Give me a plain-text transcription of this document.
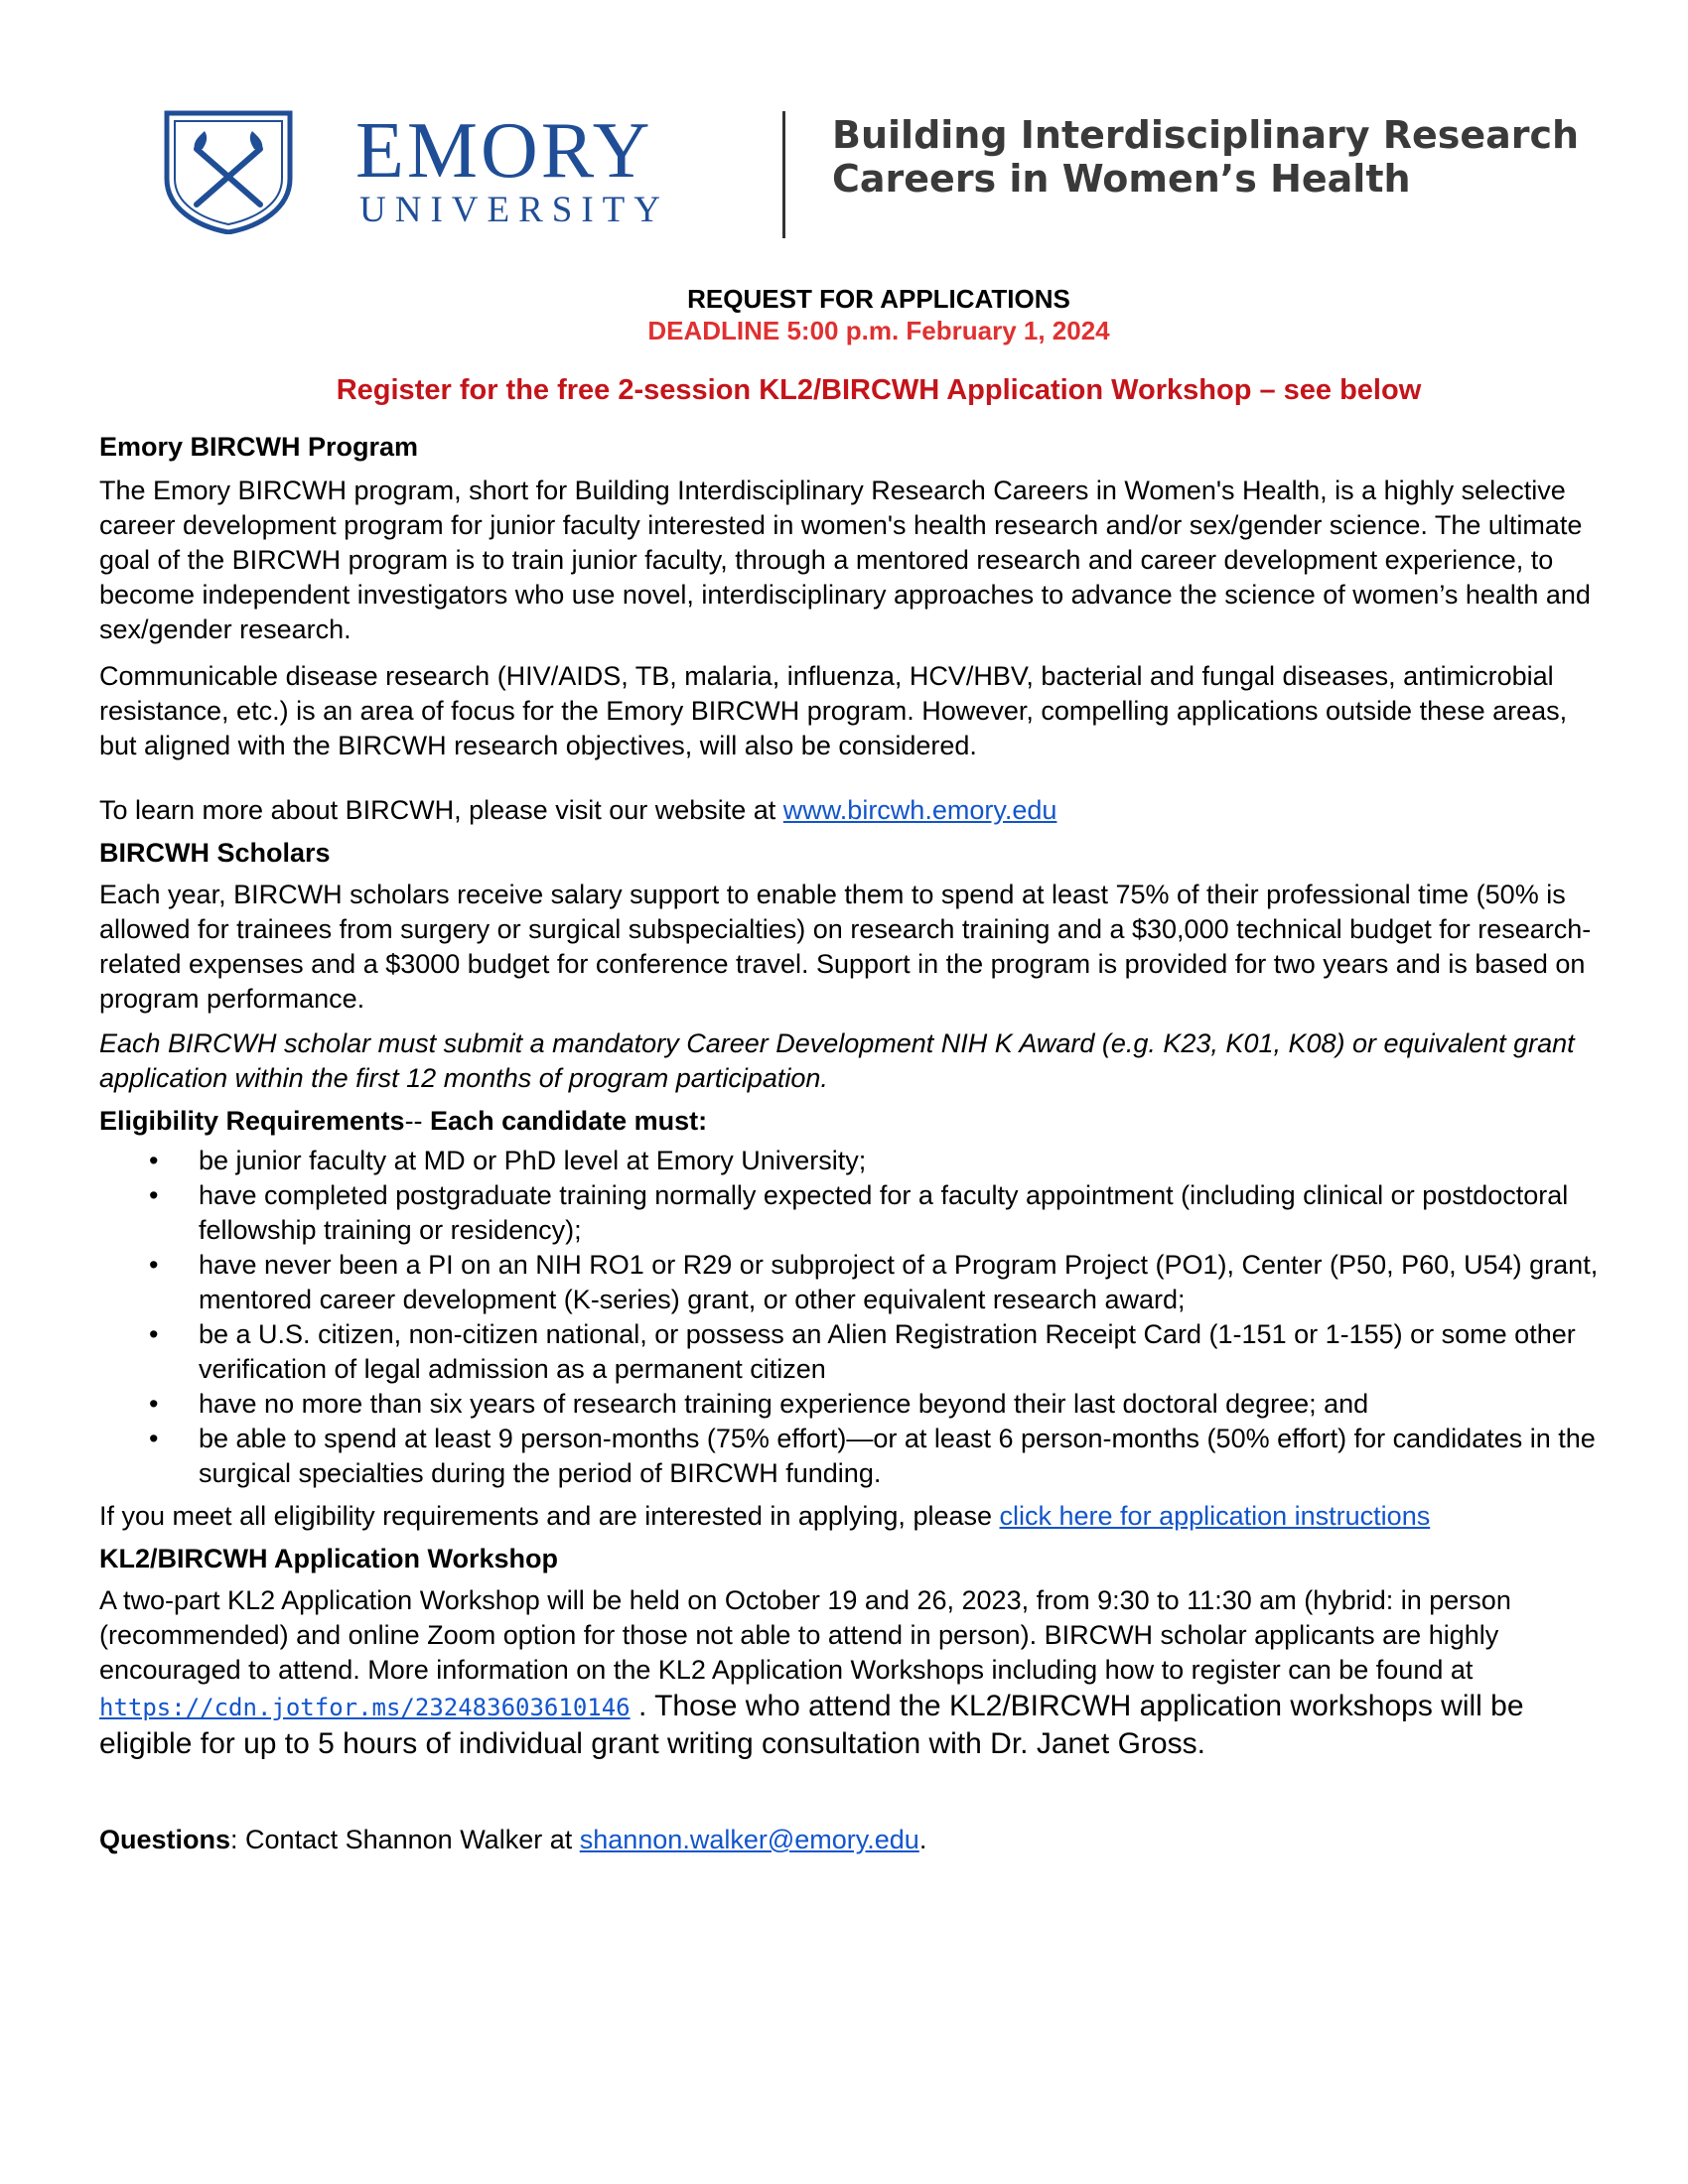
EMORY
UNIVERSITY
Building Interdisciplinary Research
Careers in Women’s Health
REQUEST FOR APPLICATIONS
DEADLINE 5:00 p.m. February 1, 2024
Register for the free 2-session KL2/BIRCWH Application Workshop – see below
Emory BIRCWH Program

The Emory BIRCWH program, short for Building Interdisciplinary Research Careers in Women's Health, is a highly selective career development program for junior faculty interested in women's health research and/or sex/gender science. The ultimate goal of the BIRCWH program is to train junior faculty, through a mentored research and career development experience, to become independent investigators who use novel, interdisciplinary approaches to advance the science of women’s health and sex/gender research.

Communicable disease research (HIV/AIDS, TB, malaria, influenza, HCV/HBV, bacterial and fungal diseases, antimicrobial resistance, etc.) is an area of focus for the Emory BIRCWH program. However, compelling applications outside these areas, but aligned with the BIRCWH research objectives, will also be considered.

To learn more about BIRCWH, please visit our website at www.bircwh.emory.edu

BIRCWH Scholars

Each year, BIRCWH scholars receive salary support to enable them to spend at least 75% of their professional time (50% is allowed for trainees from surgery or surgical subspecialties) on research training and a $30,000 technical budget for research-related expenses and a $3000 budget for conference travel. Support in the program is provided for two years and is based on program performance.

Each BIRCWH scholar must submit a mandatory Career Development NIH K Award (e.g. K23, K01, K08) or equivalent grant application within the first 12 months of program participation.

Eligibility Requirements-- Each candidate must:
• be junior faculty at MD or PhD level at Emory University;
• have completed postgraduate training normally expected for a faculty appointment (including clinical or postdoctoral fellowship training or residency);
• have never been a PI on an NIH RO1 or R29 or subproject of a Program Project (PO1), Center (P50, P60, U54) grant, mentored career development (K-series) grant, or other equivalent research award;
• be a U.S. citizen, non-citizen national, or possess an Alien Registration Receipt Card (1-151 or 1-155) or some other verification of legal admission as a permanent citizen
• have no more than six years of research training experience beyond their last doctoral degree; and
• be able to spend at least 9 person-months (75% effort)—or at least 6 person-months (50% effort) for candidates in the surgical specialties during the period of BIRCWH funding.

If you meet all eligibility requirements and are interested in applying, please click here for application instructions

KL2/BIRCWH Application Workshop

A two-part KL2 Application Workshop will be held on October 19 and 26, 2023, from 9:30 to 11:30 am (hybrid: in person (recommended) and online Zoom option for those not able to attend in person). BIRCWH scholar applicants are highly encouraged to attend. More information on the KL2 Application Workshops including how to register can be found at https://cdn.jotfor.ms/232483603610146 . Those who attend the KL2/BIRCWH application workshops will be eligible for up to 5 hours of individual grant writing consultation with Dr. Janet Gross.

Questions: Contact Shannon Walker at shannon.walker@emory.edu.
